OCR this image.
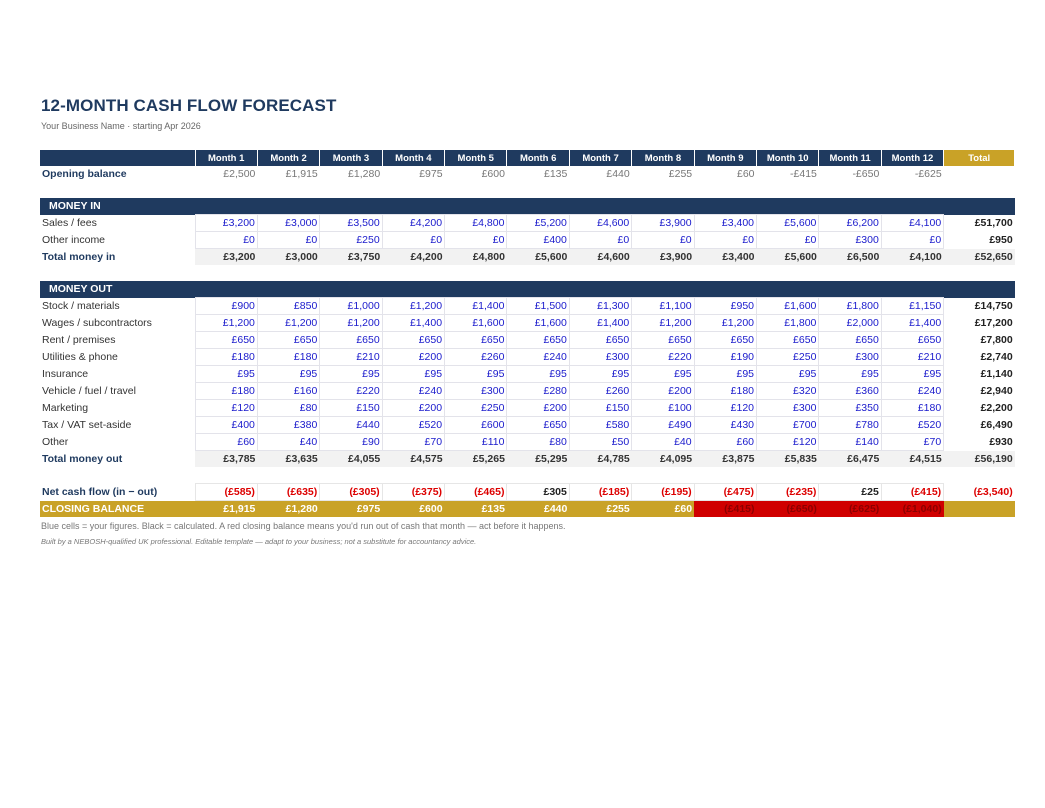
12-MONTH CASH FLOW FORECAST
Your Business Name · starting Apr 2026
	Month 1	Month 2	Month 3	Month 4	Month 5	Month 6	Month 7	Month 8	Month 9	Month 10	Month 11	Month 12	Total
Opening balance	£2,500	£1,915	£1,280	£975	£600	£135	£440	£255	£60	-£415	-£650	-£625	

MONEY IN													
Sales / fees	£3,200	£3,000	£3,500	£4,200	£4,800	£5,200	£4,600	£3,900	£3,400	£5,600	£6,200	£4,100	£51,700
Other income	£0	£0	£250	£0	£0	£400	£0	£0	£0	£0	£300	£0	£950
Total money in	£3,200	£3,000	£3,750	£4,200	£4,800	£5,600	£4,600	£3,900	£3,400	£5,600	£6,500	£4,100	£52,650

MONEY OUT													
Stock / materials	£900	£850	£1,000	£1,200	£1,400	£1,500	£1,300	£1,100	£950	£1,600	£1,800	£1,150	£14,750
Wages / subcontractors	£1,200	£1,200	£1,200	£1,400	£1,600	£1,600	£1,400	£1,200	£1,200	£1,800	£2,000	£1,400	£17,200
Rent / premises	£650	£650	£650	£650	£650	£650	£650	£650	£650	£650	£650	£650	£7,800
Utilities & phone	£180	£180	£210	£200	£260	£240	£300	£220	£190	£250	£300	£210	£2,740
Insurance	£95	£95	£95	£95	£95	£95	£95	£95	£95	£95	£95	£95	£1,140
Vehicle / fuel / travel	£180	£160	£220	£240	£300	£280	£260	£200	£180	£320	£360	£240	£2,940
Marketing	£120	£80	£150	£200	£250	£200	£150	£100	£120	£300	£350	£180	£2,200
Tax / VAT set-aside	£400	£380	£440	£520	£600	£650	£580	£490	£430	£700	£780	£520	£6,490
Other	£60	£40	£90	£70	£110	£80	£50	£40	£60	£120	£140	£70	£930
Total money out	£3,785	£3,635	£4,055	£4,575	£5,265	£5,295	£4,785	£4,095	£3,875	£5,835	£6,475	£4,515	£56,190

Net cash flow (in − out)	(£585)	(£635)	(£305)	(£375)	(£465)	£305	(£185)	(£195)	(£475)	(£235)	£25	(£415)	(£3,540)
CLOSING BALANCE	£1,915	£1,280	£975	£600	£135	£440	£255	£60	(£415)	(£650)	(£625)	(£1,040)	
Blue cells = your figures. Black = calculated. A red closing balance means you'd run out of cash that month — act before it happens.
Built by a NEBOSH-qualified UK professional. Editable template — adapt to your business; not a substitute for accountancy advice.
